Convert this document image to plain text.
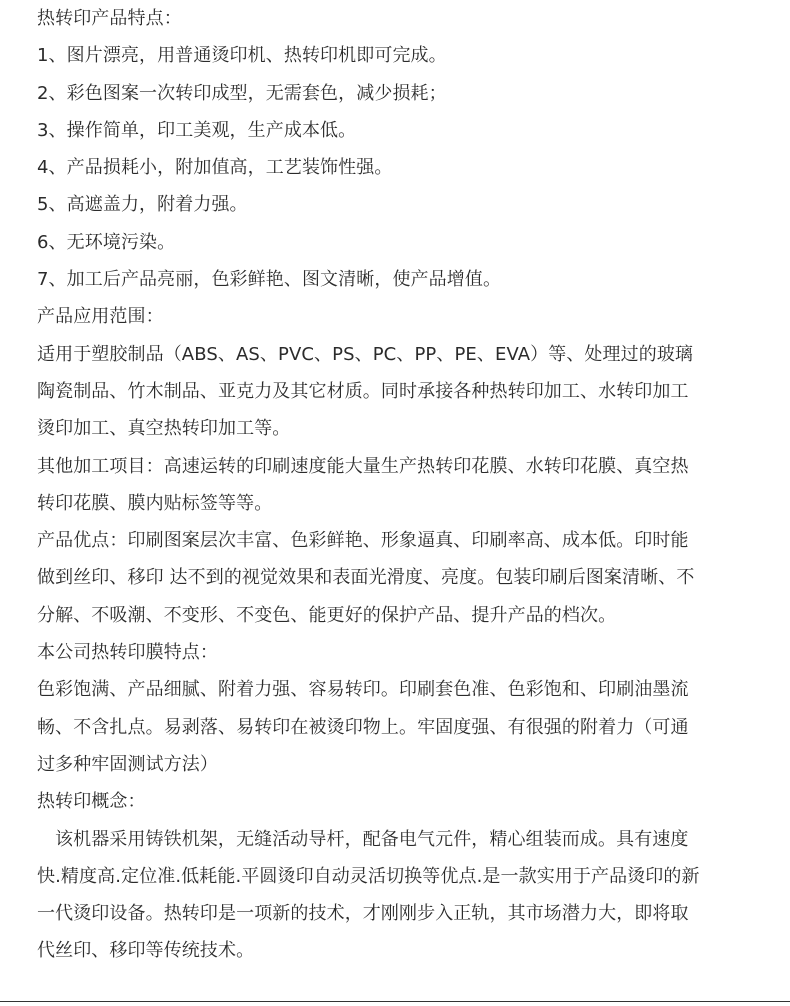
热转印产品特点：
1、图片漂亮，用普通烫印机、热转印机即可完成。
2、彩色图案一次转印成型，无需套色，减少损耗；
3、操作简单，印工美观，生产成本低。
4、产品损耗小，附加值高，工艺装饰性强。
5、高遮盖力，附着力强。
6、无环境污染。
7、加工后产品亮丽，色彩鲜艳、图文清晰，使产品增值。
产品应用范围：
适用于塑胶制品（ABS、AS、PVC、PS、PC、PP、PE、EVA）等、处理过的玻璃
陶瓷制品、竹木制品、亚克力及其它材质。同时承接各种热转印加工、水转印加工
烫印加工、真空热转印加工等。
其他加工项目：高速运转的印刷速度能大量生产热转印花膜、水转印花膜、真空热
转印花膜、膜内贴标签等等。
产品优点：印刷图案层次丰富、色彩鲜艳、形象逼真、印刷率高、成本低。印时能
做到丝印、移印 达不到的视觉效果和表面光滑度、亮度。包装印刷后图案清晰、不
分解、不吸潮、不变形、不变色、能更好的保护产品、提升产品的档次。
本公司热转印膜特点：
色彩饱满、产品细腻、附着力强、容易转印。印刷套色准、色彩饱和、印刷油墨流
畅、不含扎点。易剥落、易转印在被烫印物上。牢固度强、有很强的附着力（可通
过多种牢固测试方法）
热转印概念：
该机器采用铸铁机架，无缝活动导杆，配备电气元件，精心组装而成。具有速度
快.精度高.定位准.低耗能.平圆烫印自动灵活切换等优点.是一款实用于产品烫印的新
一代烫印设备。热转印是一项新的技术，才刚刚步入正轨，其市场潜力大，即将取
代丝印、移印等传统技术。
